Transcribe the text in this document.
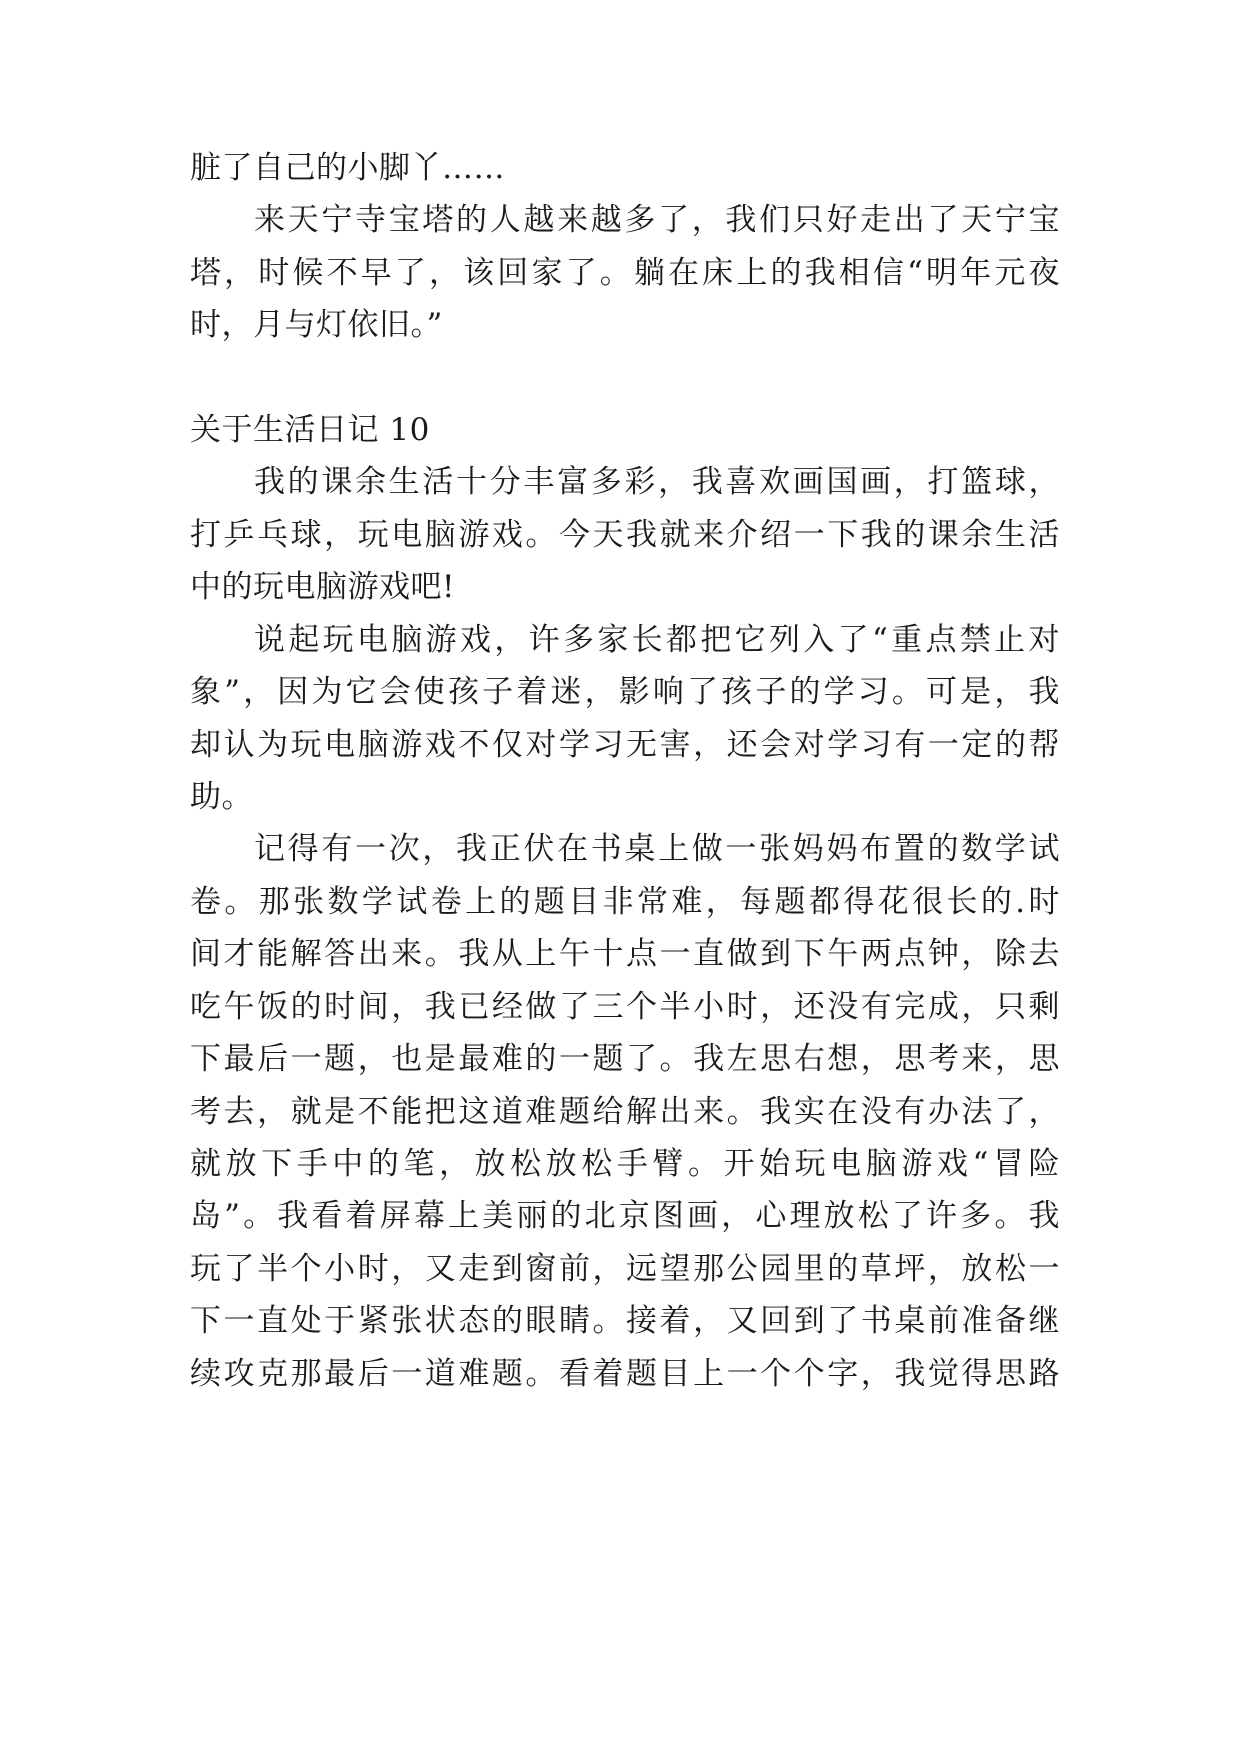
脏了自己的小脚丫……

来天宁寺宝塔的人越来越多了，我们只好走出了天宁宝

塔，时候不早了，该回家了。躺在床上的我相信“明年元夜

时，月与灯依旧。”

关于生活日记 10

我的课余生活十分丰富多彩，我喜欢画国画，打篮球，

打乒乓球，玩电脑游戏。今天我就来介绍一下我的课余生活

中的玩电脑游戏吧!

说起玩电脑游戏，许多家长都把它列入了“重点禁止对

象”，因为它会使孩子着迷，影响了孩子的学习。可是，我

却认为玩电脑游戏不仅对学习无害，还会对学习有一定的帮

助。

记得有一次，我正伏在书桌上做一张妈妈布置的数学试

卷。那张数学试卷上的题目非常难，每题都得花很长的.时

间才能解答出来。我从上午十点一直做到下午两点钟，除去

吃午饭的时间，我已经做了三个半小时，还没有完成，只剩

下最后一题，也是最难的一题了。我左思右想，思考来，思

考去，就是不能把这道难题给解出来。我实在没有办法了，

就放下手中的笔，放松放松手臂。开始玩电脑游戏“冒险

岛”。我看着屏幕上美丽的北京图画，心理放松了许多。我

玩了半个小时，又走到窗前，远望那公园里的草坪，放松一

下一直处于紧张状态的眼睛。接着，又回到了书桌前准备继

续攻克那最后一道难题。看着题目上一个个字，我觉得思路
